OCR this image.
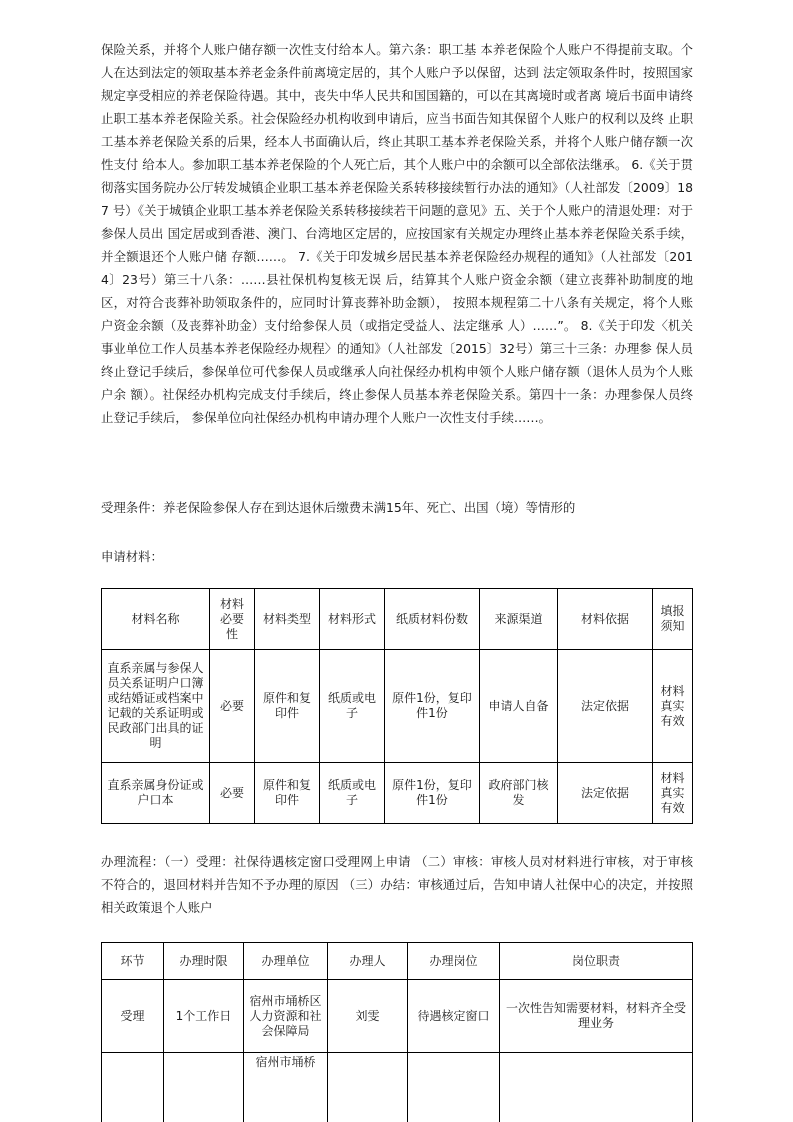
保险关系，并将个人账户储存额一次性支付给本人。第六条：职工基 本养老保险个人账户不得提前支取。个人在达到法定的领取基本养老金条件前离境定居的，其个人账户予以保留，达到 法定领取条件时，按照国家规定享受相应的养老保险待遇。其中，丧失中华人民共和国国籍的，可以在其离境时或者离 境后书面申请终止职工基本养老保险关系。社会保险经办机构收到申请后，应当书面告知其保留个人账户的权利以及终 止职工基本养老保险关系的后果，经本人书面确认后，终止其职工基本养老保险关系，并将个人账户储存额一次性支付 给本人。参加职工基本养老保险的个人死亡后，其个人账户中的余额可以全部依法继承。 6.《关于贯彻落实国务院办公厅转发城镇企业职工基本养老保险关系转移接续暂行办法的通知》（人社部发〔2009〕187 号）《关于城镇企业职工基本养老保险关系转移接续若干问题的意见》五、关于个人账户的清退处理：对于参保人员出 国定居或到香港、澳门、台湾地区定居的，应按国家有关规定办理终止基本养老保险关系手续，并全额退还个人账户储 存额……。 7.《关于印发城乡居民基本养老保险经办规程的通知》（人社部发〔2014〕23号）第三十八条：……县社保机构复核无误 后，结算其个人账户资金余额（建立丧葬补助制度的地区，对符合丧葬补助领取条件的，应同时计算丧葬补助金额）， 按照本规程第二十八条有关规定，将个人账户资金余额（及丧葬补助金）支付给参保人员（或指定受益人、法定继承 人）……”。 8.《关于印发〈机关事业单位工作人员基本养老保险经办规程〉的通知》（人社部发〔2015〕32号）第三十三条：办理参 保人员终止登记手续后，参保单位可代参保人员或继承人向社保经办机构申领个人账户储存额（退休人员为个人账户余 额）。社保经办机构完成支付手续后，终止参保人员基本养老保险关系。第四十一条：办理参保人员终止登记手续后， 参保单位向社保经办机构申请办理个人账户一次性支付手续……。

受理条件：养老保险参保人存在到达退休后缴费未满15年、死亡、出国（境）等情形的

申请材料：

材料名称	材料必要性	材料类型	材料形式	纸质材料份数	来源渠道	材料依据	填报须知
直系亲属与参保人员关系证明户口簿或结婚证或档案中记载的关系证明或民政部门出具的证明	必要	原件和复印件	纸质或电子	原件1份，复印件1份	申请人自备	法定依据	材料真实有效
直系亲属身份证或户口本	必要	原件和复印件	纸质或电子	原件1份，复印件1份	政府部门核发	法定依据	材料真实有效

办理流程：（一）受理：社保待遇核定窗口受理网上申请 （二）审核：审核人员对材料进行审核，对于审核不符合的，退回材料并告知不予办理的原因 （三）办结：审核通过后，告知申请人社保中心的决定，并按照相关政策退个人账户

环节	办理时限	办理单位	办理人	办理岗位	岗位职责
受理	1个工作日	宿州市埇桥区人力资源和社会保障局	刘雯	待遇核定窗口	一次性告知需要材料，材料齐全受理业务
		宿州市埇桥			
